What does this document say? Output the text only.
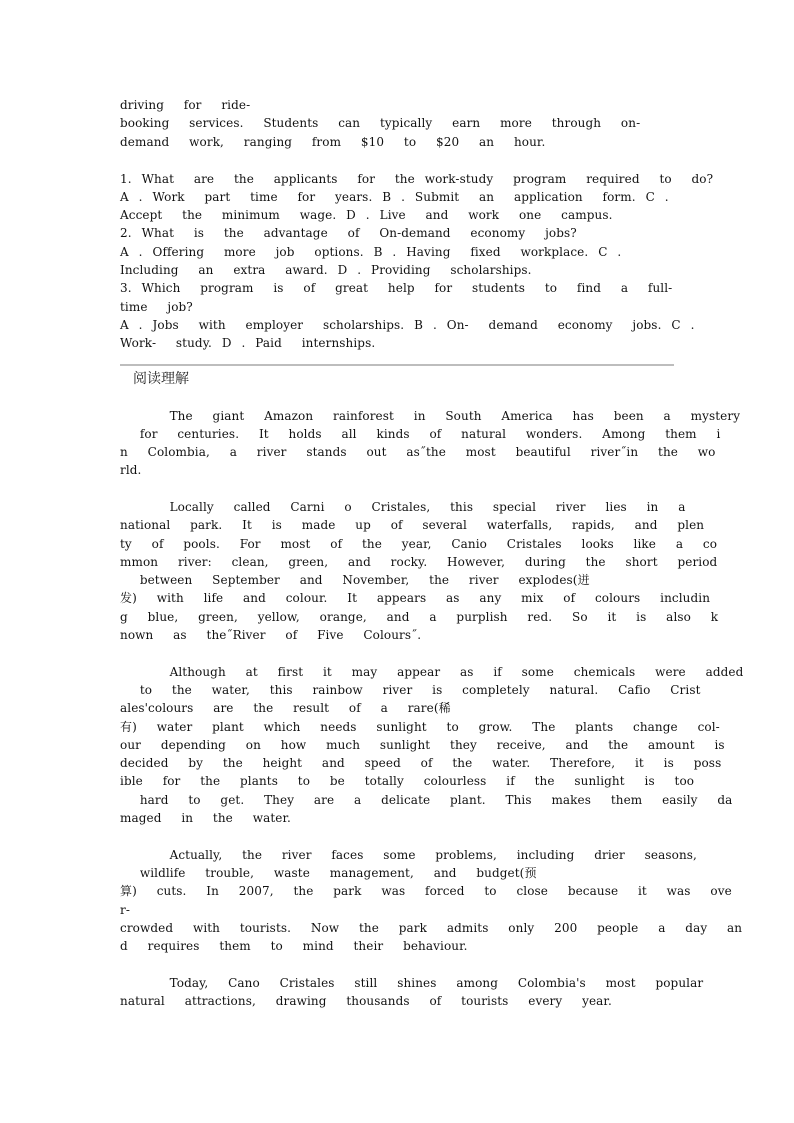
driving  for  ride-
booking  services.  Students  can  typically  earn  more  through  on-
demand  work,  ranging  from  $10  to  $20  an  hour.
1. What  are  the  applicants  for  the work-study  program  required  to  do?
A . Work  part  time  for  years. B . Submit  an  application  form. C .
Accept  the  minimum  wage. D . Live  and  work  one  campus.
2. What  is  the  advantage  of  On-demand  economy  jobs?
A . Offering  more  job  options. B . Having  fixed  workplace. C .
Including  an  extra  award. D . Providing  scholarships.
3. Which  program  is  of  great  help  for  students  to  find  a  full-
time  job?
A . Jobs  with  employer  scholarships. B . On-  demand  economy  jobs. C .
Work-  study. D . Paid  internships.
阅读理解
The  giant  Amazon  rainforest  in  South  America  has  been  a  mystery
for  centuries.  It  holds  all  kinds  of  natural  wonders.  Among  them  i
n  Colombia,  a  river  stands  out  as˝the  most  beautiful  river˝in  the  wo
rld.
Locally  called  Carni  o  Cristales,  this  special  river  lies  in  a
national  park.  It  is  made  up  of  several  waterfalls,  rapids,  and  plen
ty  of  pools.  For  most  of  the  year,  Canio  Cristales  looks  like  a  co
mmon  river:  clean,  green,  and  rocky.  However,  during  the  short  period
between  September  and  November,  the  river  explodes(迸
发)  with  life  and  colour.  It  appears  as  any  mix  of  colours  includin
g  blue,  green,  yellow,  orange,  and  a  purplish  red.  So  it  is  also  k
nown  as  the˝River  of  Five  Colours˝.
Although  at  first  it  may  appear  as  if  some  chemicals  were  added
to  the  water,  this  rainbow  river  is  completely  natural.  Cafio  Crist
ales'colours  are  the  result  of  a  rare(稀
有)  water  plant  which  needs  sunlight  to  grow.  The  plants  change  col-
our  depending  on  how  much  sunlight  they  receive,  and  the  amount  is
decided  by  the  height  and  speed  of  the  water.  Therefore,  it  is  poss
ible  for  the  plants  to  be  totally  colourless  if  the  sunlight  is  too
hard  to  get.  They  are  a  delicate  plant.  This  makes  them  easily  da
maged  in  the  water.
Actually,  the  river  faces  some  problems,  including  drier  seasons,
wildlife  trouble,  waste  management,  and  budget(预
算)  cuts.  In  2007,  the  park  was  forced  to  close  because  it  was  ove
r-
crowded  with  tourists.  Now  the  park  admits  only  200  people  a  day  an
d  requires  them  to  mind  their  behaviour.
Today,  Cano  Cristales  still  shines  among  Colombia's  most  popular
natural  attractions,  drawing  thousands  of  tourists  every  year.
